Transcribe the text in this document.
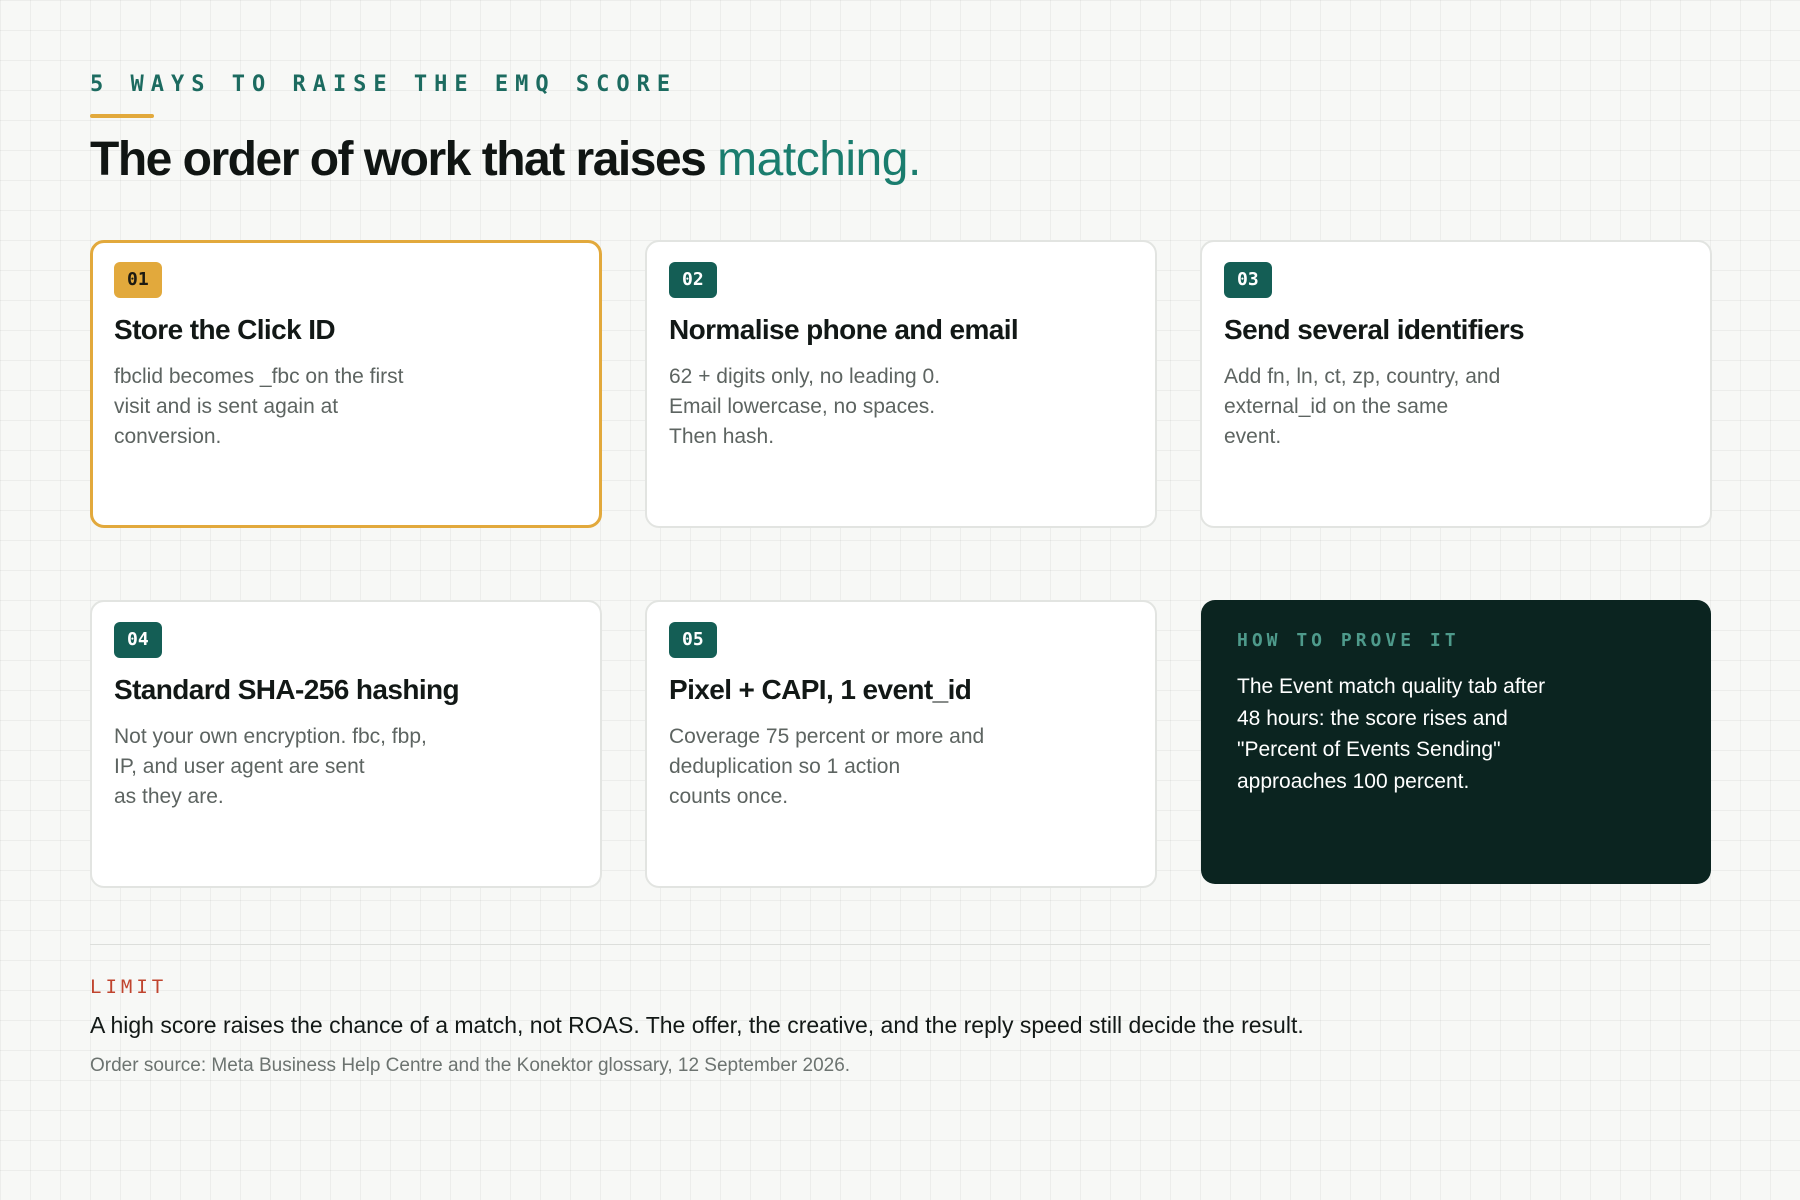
5 WAYS TO RAISE THE EMQ SCORE
The order of work that raises matching.
01
Store the Click ID
fbclid becomes _fbc on the first
visit and is sent again at
conversion.
02
Normalise phone and email
62 + digits only, no leading 0.
Email lowercase, no spaces.
Then hash.
03
Send several identifiers
Add fn, ln, ct, zp, country, and
external_id on the same
event.
04
Standard SHA-256 hashing
Not your own encryption. fbc, fbp,
IP, and user agent are sent
as they are.
05
Pixel + CAPI, 1 event_id
Coverage 75 percent or more and
deduplication so 1 action
counts once.
HOW TO PROVE IT
The Event match quality tab after
48 hours: the score rises and
"Percent of Events Sending"
approaches 100 percent.
LIMIT
A high score raises the chance of a match, not ROAS. The offer, the creative, and the reply speed still decide the result.
Order source: Meta Business Help Centre and the Konektor glossary, 12 September 2026.
